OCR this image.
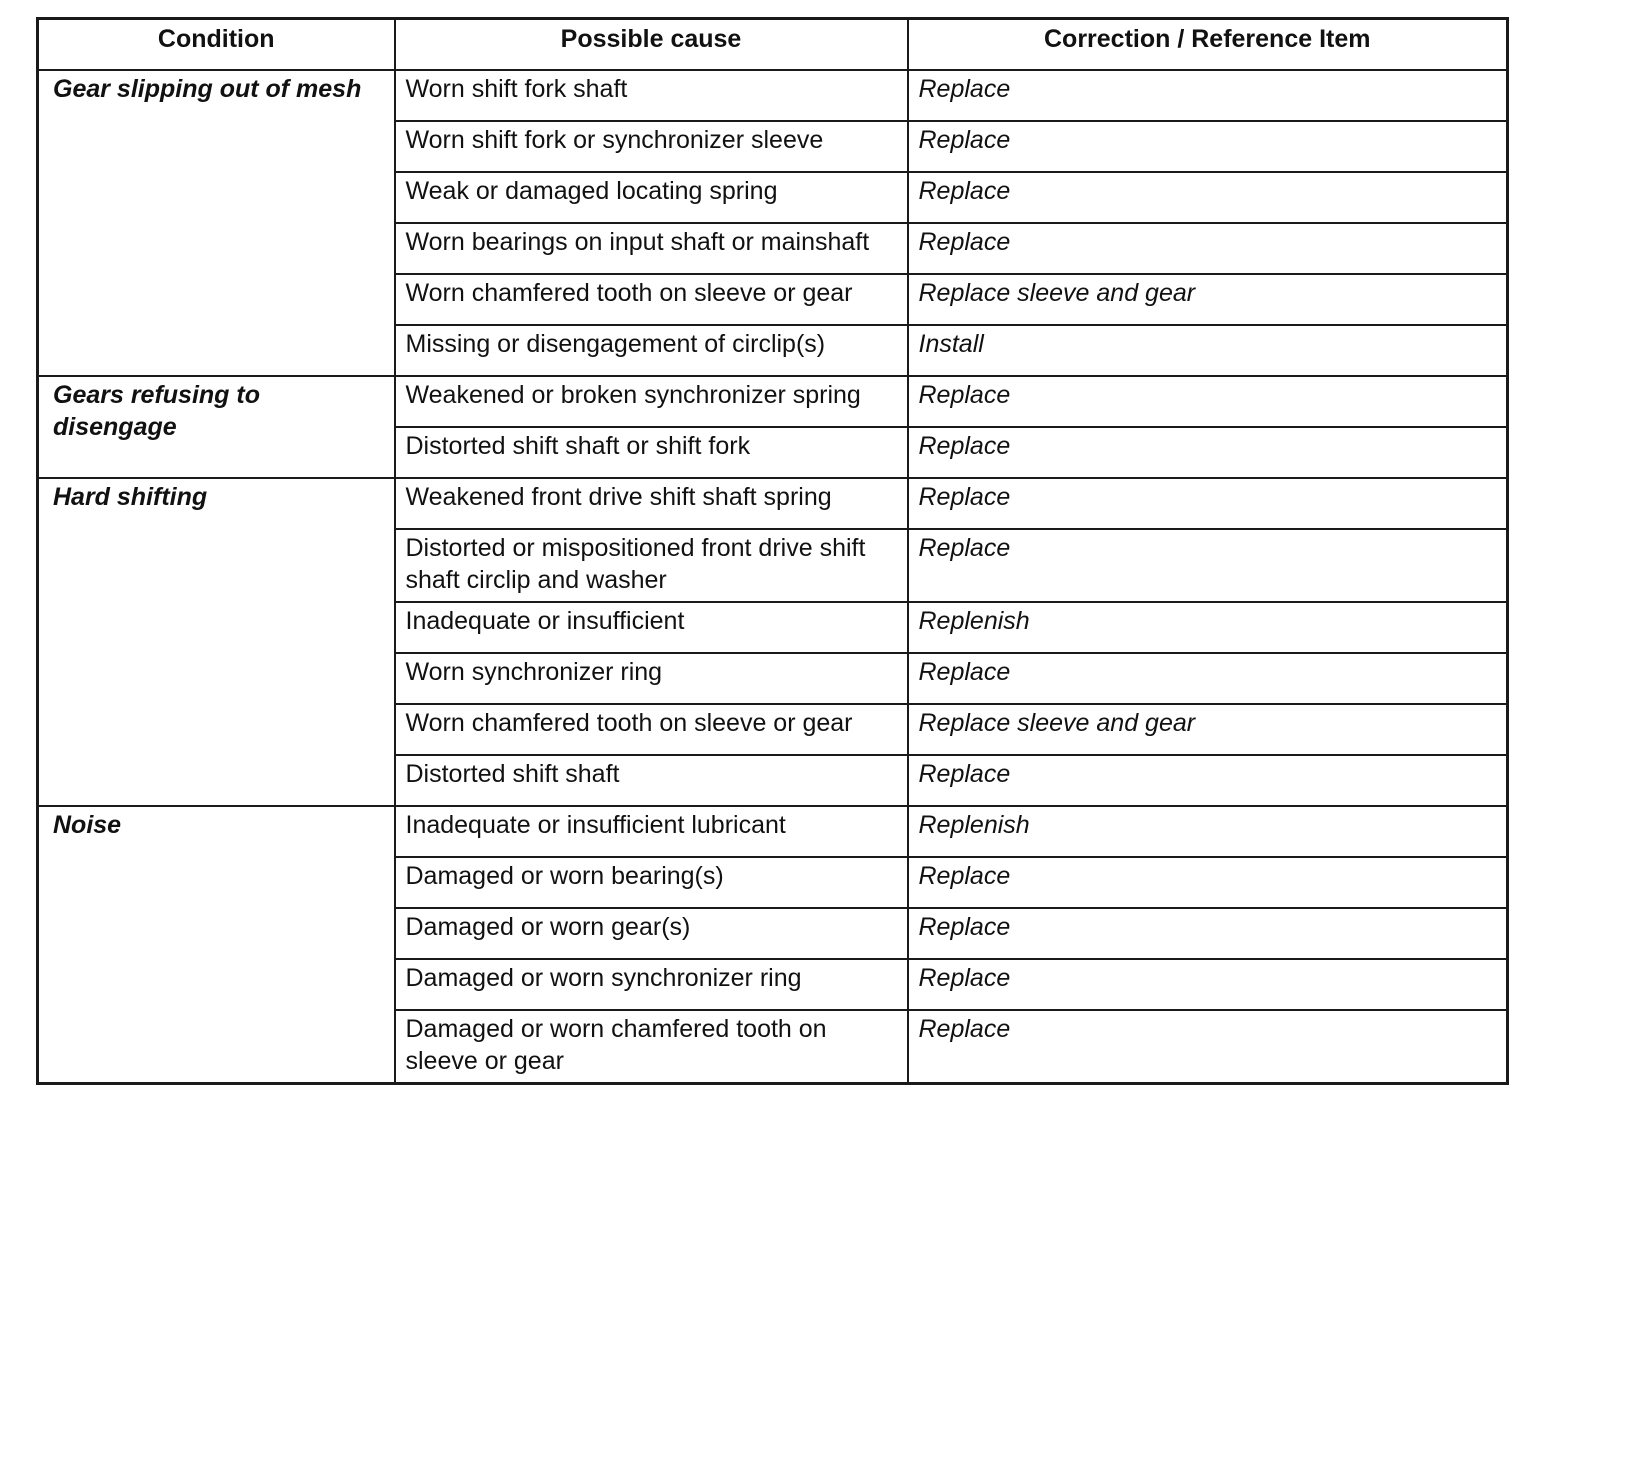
Condition	Possible cause	Correction / Reference Item
Gear slipping out of mesh	Worn shift fork shaft	Replace
	Worn shift fork or synchronizer sleeve	Replace
	Weak or damaged locating spring	Replace
	Worn bearings on input shaft or mainshaft	Replace
	Worn chamfered tooth on sleeve or gear	Replace sleeve and gear
	Missing or disengagement of circlip(s)	Install
Gears refusing to disengage	Weakened or broken synchronizer spring	Replace
	Distorted shift shaft or shift fork	Replace
Hard shifting	Weakened front drive shift shaft spring	Replace
	Distorted or mispositioned front drive shift shaft circlip and washer	Replace
	Inadequate or insufficient	Replenish
	Worn synchronizer ring	Replace
	Worn chamfered tooth on sleeve or gear	Replace sleeve and gear
	Distorted shift shaft	Replace
Noise	Inadequate or insufficient lubricant	Replenish
	Damaged or worn bearing(s)	Replace
	Damaged or worn gear(s)	Replace
	Damaged or worn synchronizer ring	Replace
	Damaged or worn chamfered tooth on sleeve or gear	Replace
